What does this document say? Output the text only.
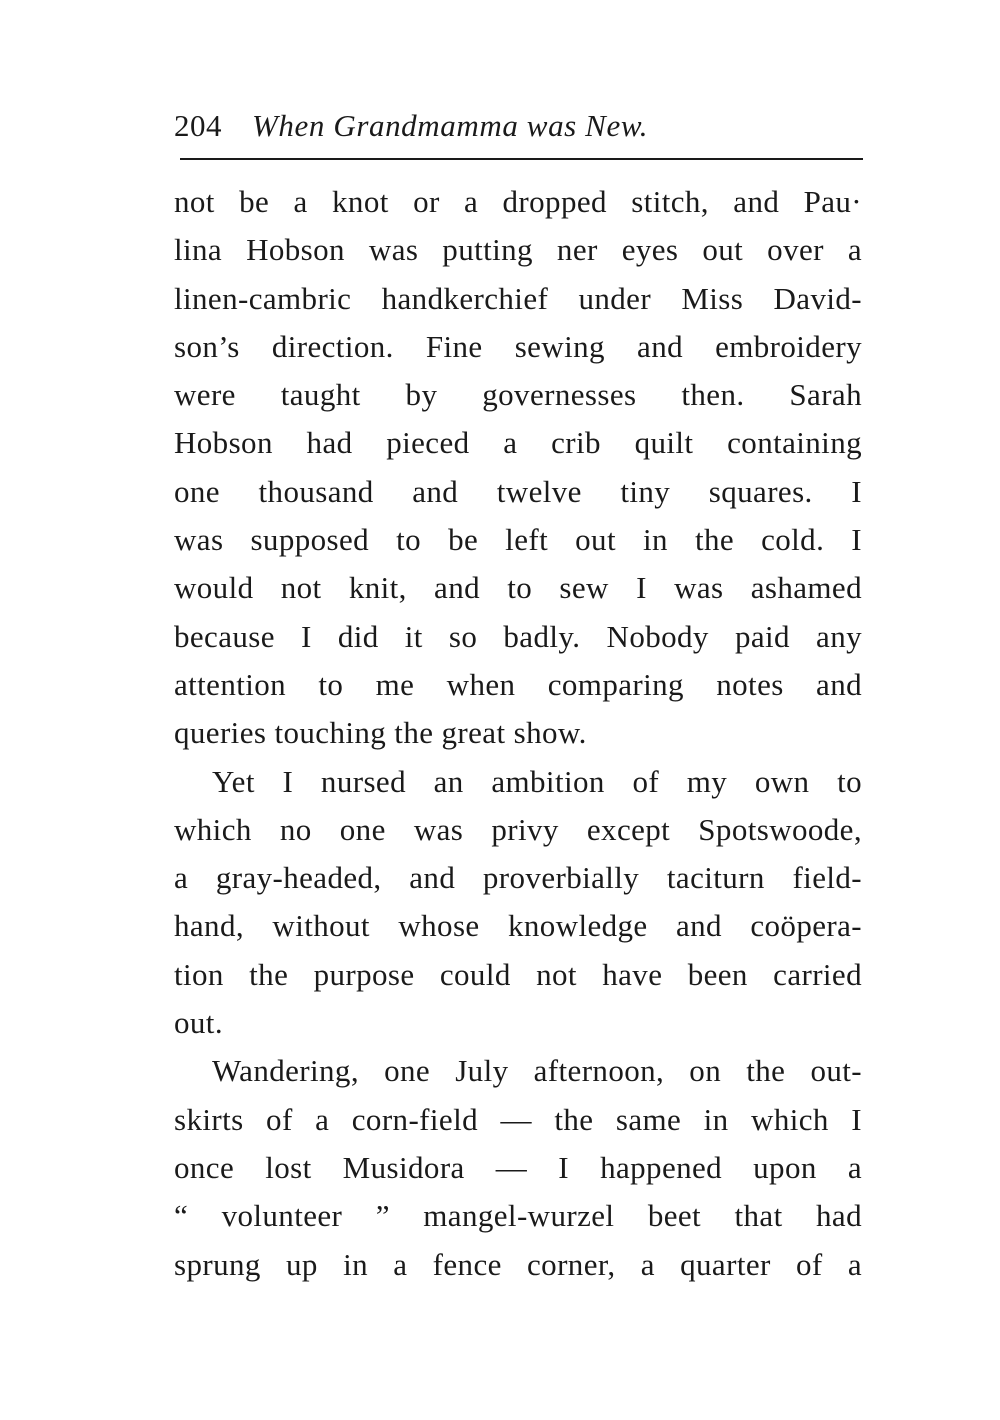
204 When Grandmamma was New.
not be a knot or a dropped stitch, and Pau·
lina Hobson was putting ner eyes out over a
linen-cambric handkerchief under Miss David-
son’s direction. Fine sewing and embroidery
were taught by governesses then. Sarah
Hobson had pieced a crib quilt containing
one thousand and twelve tiny squares. I
was supposed to be left out in the cold. I
would not knit, and to sew I was ashamed
because I did it so badly. Nobody paid any
attention to me when comparing notes and
queries touching the great show.
Yet I nursed an ambition of my own to
which no one was privy except Spotswoode,
a gray-headed, and proverbially taciturn field-
hand, without whose knowledge and coöpera-
tion the purpose could not have been carried
out.
Wandering, one July afternoon, on the out-
skirts of a corn-field — the same in which I
once lost Musidora — I happened upon a
“ volunteer ” mangel-wurzel beet that had
sprung up in a fence corner, a quarter of a
